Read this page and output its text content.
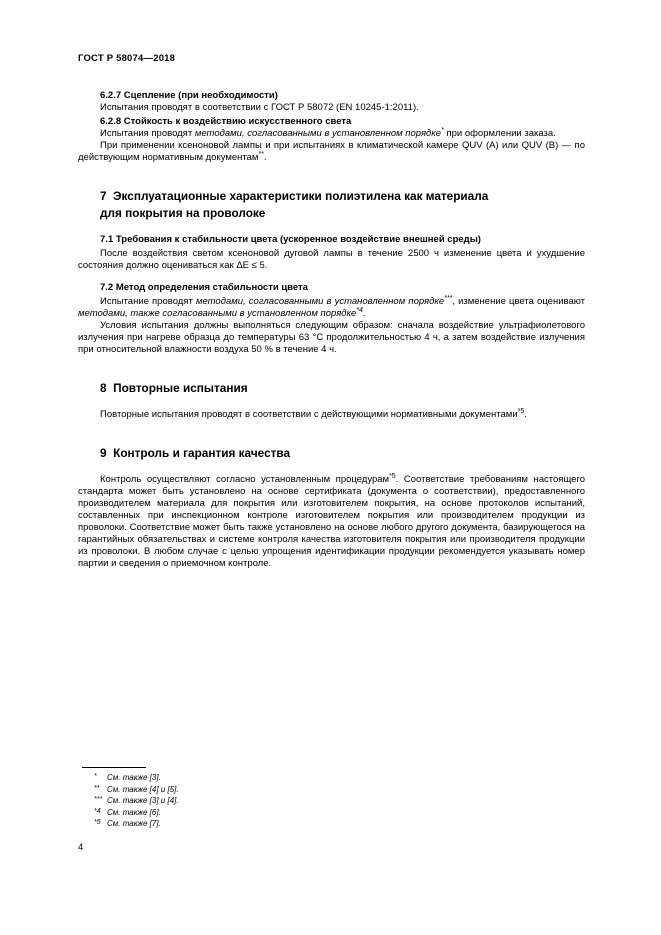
ГОСТ Р 58074—2018

6.2.7 Сцепление (при необходимости)

Испытания проводят в соответствии с ГОСТ Р 58072 (EN 10245-1:2011).

6.2.8 Стойкость к воздействию искусственного света

Испытания проводят методами, согласованными в установленном порядке* при оформлении заказа.

При применении ксеноновой лампы и при испытаниях в климатической камере QUV (A) или QUV (B) — по действующим нормативным документам**.

7  Эксплуатационные характеристики полиэтилена как материала для покрытия на проволоке

7.1 Требования к стабильности цвета (ускоренное воздействие внешней среды)

После воздействия светом ксеноновой дуговой лампы в течение 2500 ч изменение цвета и ухудшение состояния должно оцениваться как ΔE ≤ 5.

7.2 Метод определения стабильности цвета

Испытание проводят методами, согласованными в установленном порядке***, изменение цвета оценивают методами, также согласованными в установленном порядке$^{*4}$.

Условия испытания должны выполняться следующим образом: сначала воздействие ультрафиолетового излучения при нагреве образца до температуры 63 °С продолжительностью 4 ч, а затем воздействие излучения при относительной влажности воздуха 50 % в течение 4 ч.

8  Повторные испытания

Повторные испытания проводят в соответствии с действующими нормативными документами$^{*5}$.

9  Контроль и гарантия качества

Контроль осуществляют согласно установленным процедурам$^{*5}$. Соответствие требованиям настоящего стандарта может быть установлено на основе сертификата (документа о соответствии), предоставленного производителем материала для покрытия или изготовителем покрытия, на основе протоколов испытаний, составленных при инспекционном контроле изготовителем покрытия или производителем продукции из проволоки. Соответствие может быть также установлено на основе любого другого документа, базирующегося на гарантийных обязательствах и системе контроля качества изготовителя покрытия или производителя продукции из проволоки. В любом случае с целью упрощения идентификации продукции рекомендуется указывать номер партии и сведения о приемочном контроле.

* См. также [3].
** См. также [4] и [5].
*** См. также [3] и [4].
*4 См. также [6].
*5 См. также [7].
4
